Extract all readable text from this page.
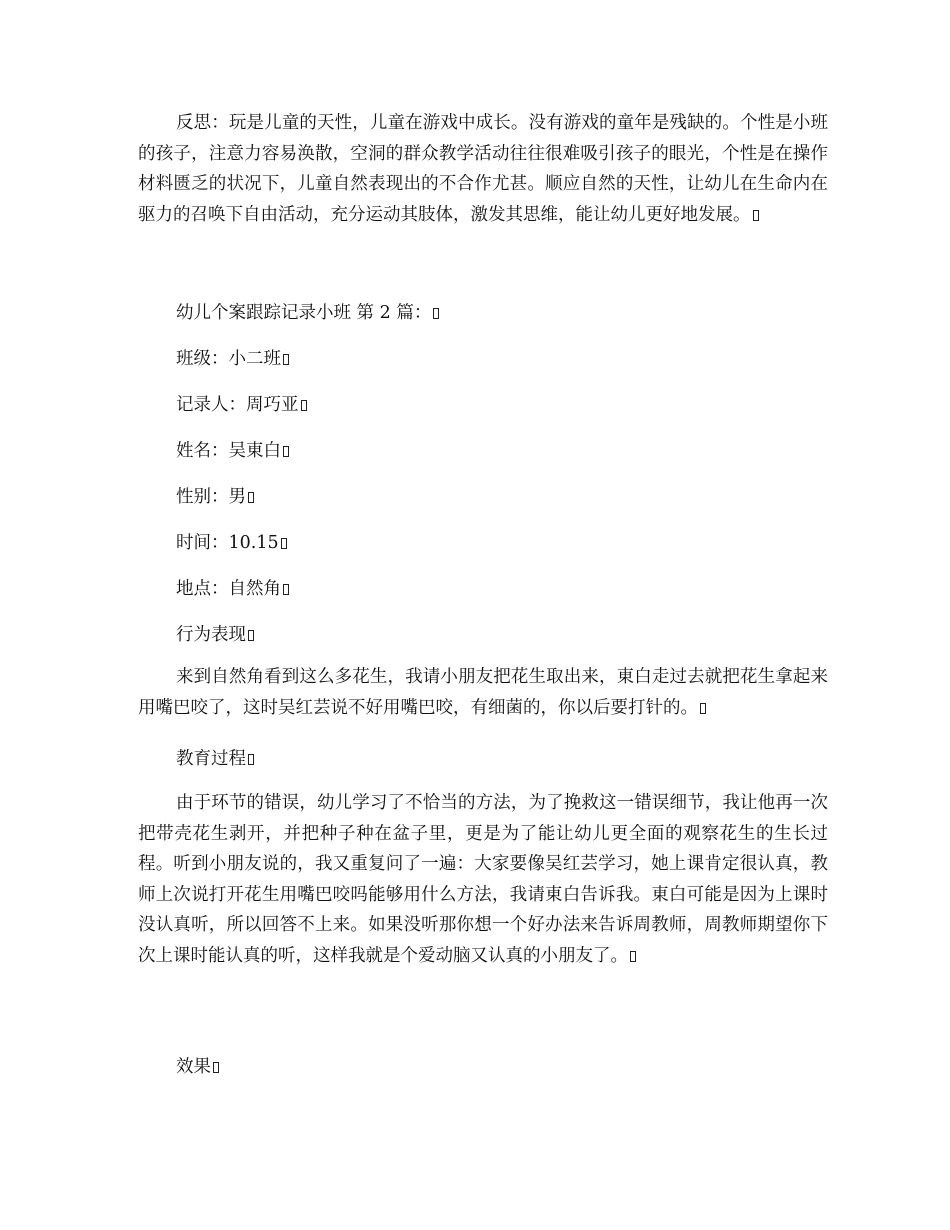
反思：玩是儿童的天性，儿童在游戏中成长。没有游戏的童年是残缺的。个性是小班的孩子，注意力容易涣散，空洞的群众教学活动往往很难吸引孩子的眼光，个性是在操作材料匮乏的状况下，儿童自然表现出的不合作尤甚。顺应自然的天性，让幼儿在生命内在驱力的召唤下自由活动，充分运动其肢体，激发其思维，能让幼儿更好地发展。

幼儿个案跟踪记录小班 第 2 篇：

班级：小二班

记录人：周巧亚

姓名：吴東白

性别：男

时间：10.15

地点：自然角

行为表现

来到自然角看到这么多花生，我请小朋友把花生取出来，東白走过去就把花生拿起来用嘴巴咬了，这时吴红芸说不好用嘴巴咬，有细菌的，你以后要打针的。

教育过程

由于环节的错误，幼儿学习了不恰当的方法，为了挽救这一错误细节，我让他再一次把带壳花生剥开，并把种子种在盆子里，更是为了能让幼儿更全面的观察花生的生长过程。听到小朋友说的，我又重复问了一遍：大家要像吴红芸学习，她上课肯定很认真，教师上次说打开花生用嘴巴咬吗能够用什么方法，我请東白告诉我。東白可能是因为上课时没认真听，所以回答不上来。如果没听那你想一个好办法来告诉周教师，周教师期望你下次上课时能认真的听，这样我就是个爱动脑又认真的小朋友了。

效果
